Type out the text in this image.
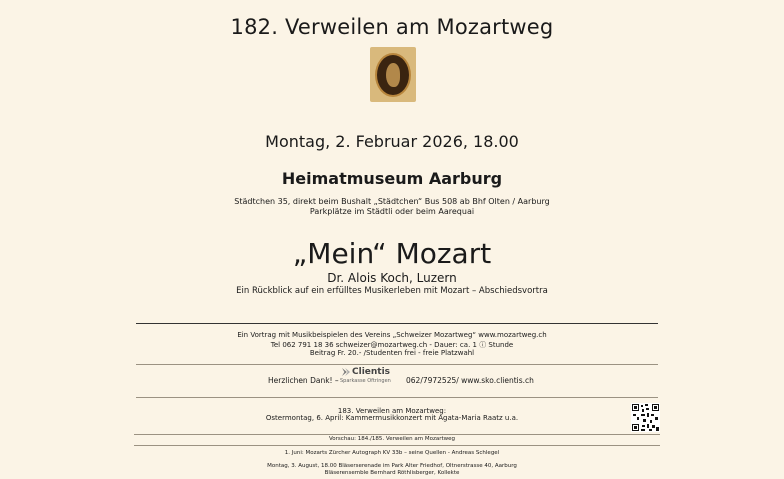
182. Verweilen am Mozartweg
Montag, 2. Februar 2026, 18.00
Heimatmuseum Aarburg
Städtchen 35, direkt beim Bushalt „Städtchen“ Bus 508 ab Bhf Olten / Aarburg
Parkplätze im Städtli oder beim Aarequai
„Mein“ Mozart
Dr. Alois Koch, Luzern
Ein Rückblick auf ein erfülltes Musikerleben mit Mozart – Abschiedsvortra
Ein Vortrag mit Musikbeispielen des Vereins „Schweizer Mozartweg“ www.mozartweg.ch
Tel 062 791 18 36 schweizer@mozartweg.ch - Dauer: ca. 1 ⓘ Stunde
Beitrag Fr. 20.- /Studenten frei - freie Platzwahl
Herzlichen Dank! –
Clientis
Sparkasse Oftringen 062/7972525/ www.sko.clientis.ch
183. Verweilen am Mozartweg:
Ostermontag, 6. April: Kammermusikkonzert mit Agata-Maria Raatz u.a.
Vorschau: 184./185. Verweilen am Mozartweg
1. Juni: Mozarts Zürcher Autograph KV 33b – seine Quellen - Andreas Schlegel
Montag, 3. August, 18.00 Bläserserenade im Park Alter Friedhof, Oltnerstrasse 40, Aarburg
Bläserensemble Bernhard Röthlisberger, Kollekte
